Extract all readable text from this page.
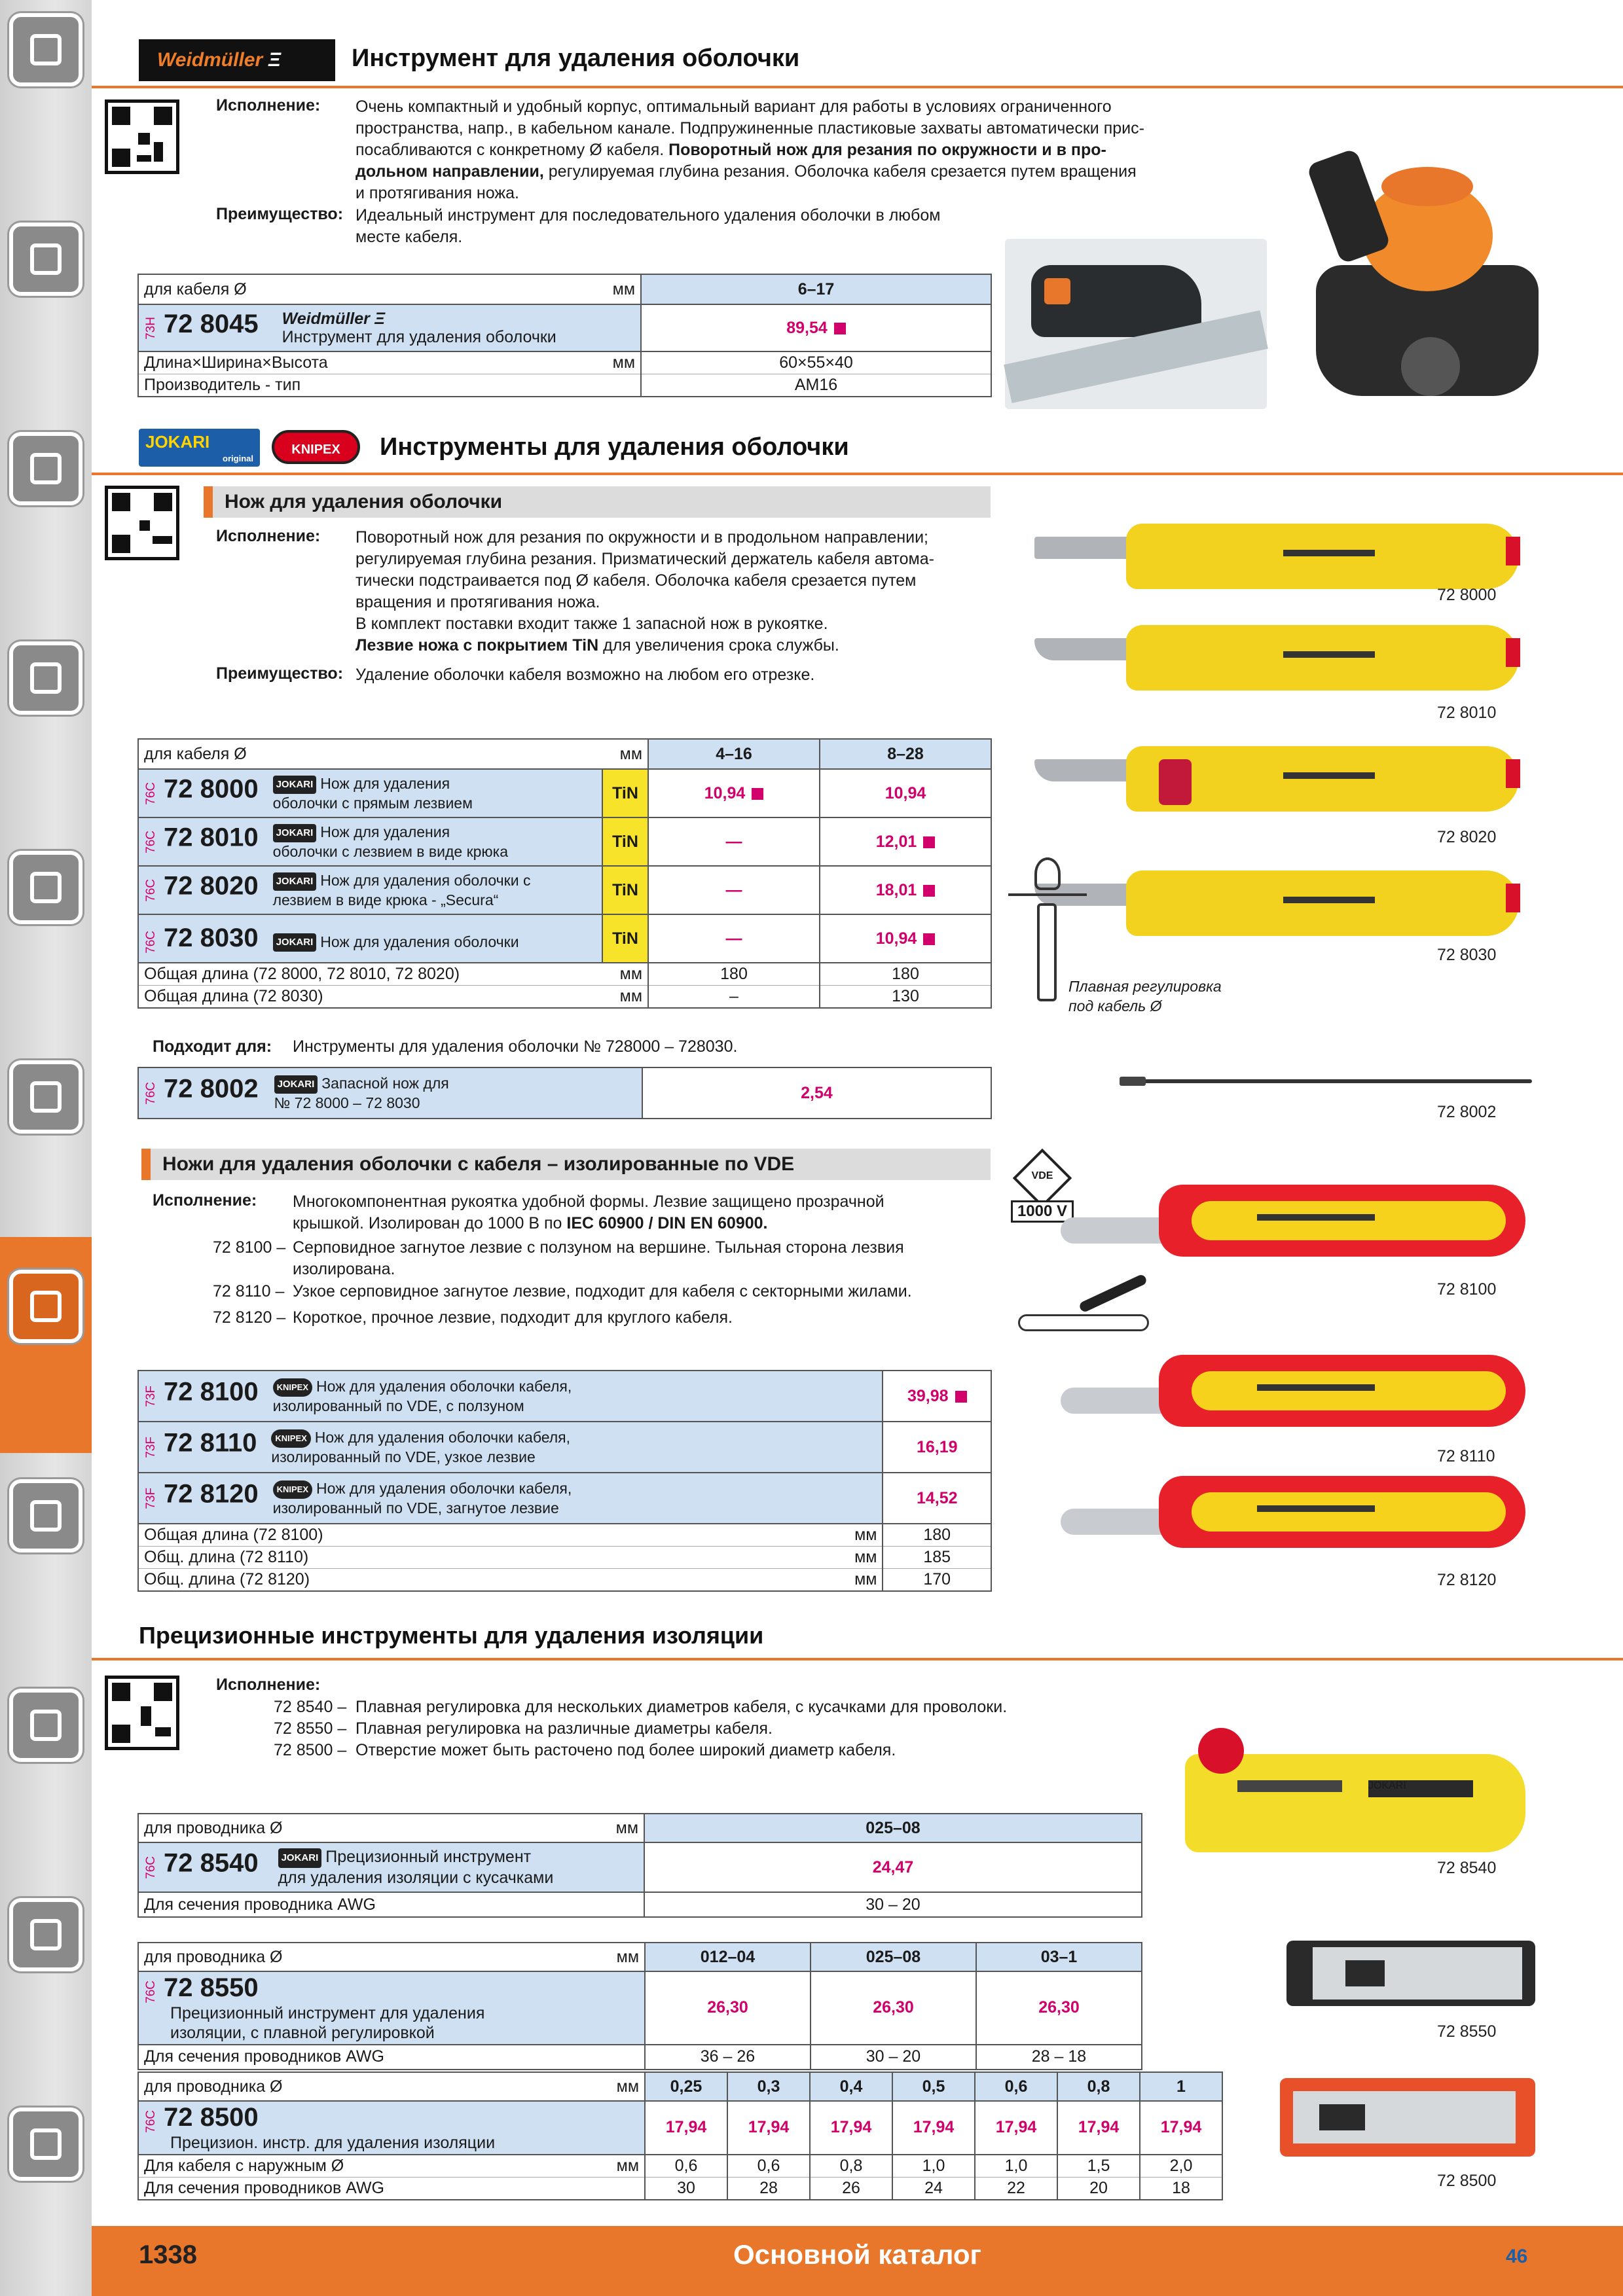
Weidmüller Ξ	Инструмент для удаления оболочки
Исполнение: Очень компактный и удобный корпус, оптимальный вариант для работы в условиях ограниченного
пространства, напр., в кабельном канале. Подпружиненные пластиковые захваты автоматически прис-
посабливаются с конкретному Ø кабеля. Поворотный нож для резания по окружности и в про-
дольном направлении, регулируемая глубина резания. Оболочка кабеля срезается путем вращения
и протягивания ножа.
Преимущество: Идеальный инструмент для последовательного удаления оболочки в любом
месте кабеля.
для кабеля Ø	мм	6–17
73H 72 8045 Weidmüller Ξ
Инструмент для удаления оболочки		89,54
Длина×Ширина×Высота	мм	60×55×40
Производитель - тип		AM16
JOKARI
original
KNIPEX	Инструменты для удаления оболочки
Нож для удаления оболочки
Исполнение: Поворотный нож для резания по окружности и в продольном направлении;
регулируемая глубина резания. Призматический держатель кабеля автома-
тически подстраивается под Ø кабеля. Оболочка кабеля срезается путем
вращения и протягивания ножа.
В комплект поставки входит также 1 запасной нож в рукоятке.
Лезвие ножа с покрытием TiN для увеличения срока службы.
Преимущество: Удаление оболочки кабеля возможно на любом его отрезке.
для кабеля Ø	мм	4–16	8–28
76C 72 8000 JOKARI Нож для удаления
оболочки с прямым лезвием	TiN	10,94	10,94
76C 72 8010 JOKARI Нож для удаления
оболочки с лезвием в виде крюка	TiN	—	12,01
76C 72 8020 JOKARI Нож для удаления оболочки с
лезвием в виде крюка - „Secura“	TiN	—	18,01
76C 72 8030 JOKARI Нож для удаления оболочки	TiN	—	10,94
Общая длина (72 8000, 72 8010, 72 8020)	мм	180	180
Общая длина (72 8030)	мм	–	130
Подходит для: Инструменты для удаления оболочки № 728000 – 728030.
76C 72 8002 JOKARI Запасной нож для
№ 72 8000 – 72 8030	2,54
72 8000
72 8010
72 8020
72 8030
72 8002
Плавная регулировка
под кабель Ø
Ножи для удаления оболочки с кабеля – изолированные по VDE
Исполнение: Многокомпонентная рукоятка удобной формы. Лезвие защищено прозрачной
крышкой. Изолирован до 1000 В по IEC 60900 / DIN EN 60900.
72 8100 – Серповидное загнутое лезвие с ползуном на вершине. Тыльная сторона лезвия
изолирована.
72 8110 – Узкое серповидное загнутое лезвие, подходит для кабеля с секторными жилами.
72 8120 – Короткое, прочное лезвие, подходит для круглого кабеля.
VDE
1000 V
73F 72 8100 KNIPEX Нож для удаления оболочки кабеля,
изолированный по VDE, с ползуном		39,98
73F 72 8110 KNIPEX Нож для удаления оболочки кабеля,
изолированный по VDE, узкое лезвие		16,19
73F 72 8120 KNIPEX Нож для удаления оболочки кабеля,
изолированный по VDE, загнутое лезвие		14,52
Общая длина (72 8100)	мм	180
Общ. длина (72 8110)	мм	185
Общ. длина (72 8120)	мм	170
72 8100
72 8110
72 8120
Прецизионные инструменты для удаления изоляции
Исполнение:
72 8540 – Плавная регулировка для нескольких диаметров кабеля, с кусачками для проволоки.
72 8550 – Плавная регулировка на различные диаметры кабеля.
72 8500 – Отверстие может быть расточено под более широкий диаметр кабеля.
для проводника Ø	мм	025–08
76C 72 8540 JOKARI Прецизионный инструмент
для удаления изоляции с кусачками		24,47
Для сечения проводника AWG		30 – 20
для проводника Ø	мм	012–04	025–08	03–1
76C 72 8550Прецизионный инструмент для удаления
изоляции, с плавной регулировкой		26,30	26,30	26,30
Для сечения проводников AWG		36 – 26	30 – 20	28 – 18
для проводника Ø	мм	0,25	0,3	0,4	0,5	0,6	0,8	1
76C 72 8500Прецизион. инстр. для удаления изоляции		17,94	17,94	17,94	17,94	17,94	17,94	17,94
Для кабеля с наружным Ø	мм	0,6	0,6	0,8	1,0	1,0	1,5	2,0
Для сечения проводников AWG		30	28	26	24	22	20	18
JOKARI
72 8540
72 8550
72 8500
1338	Основной каталог	46
